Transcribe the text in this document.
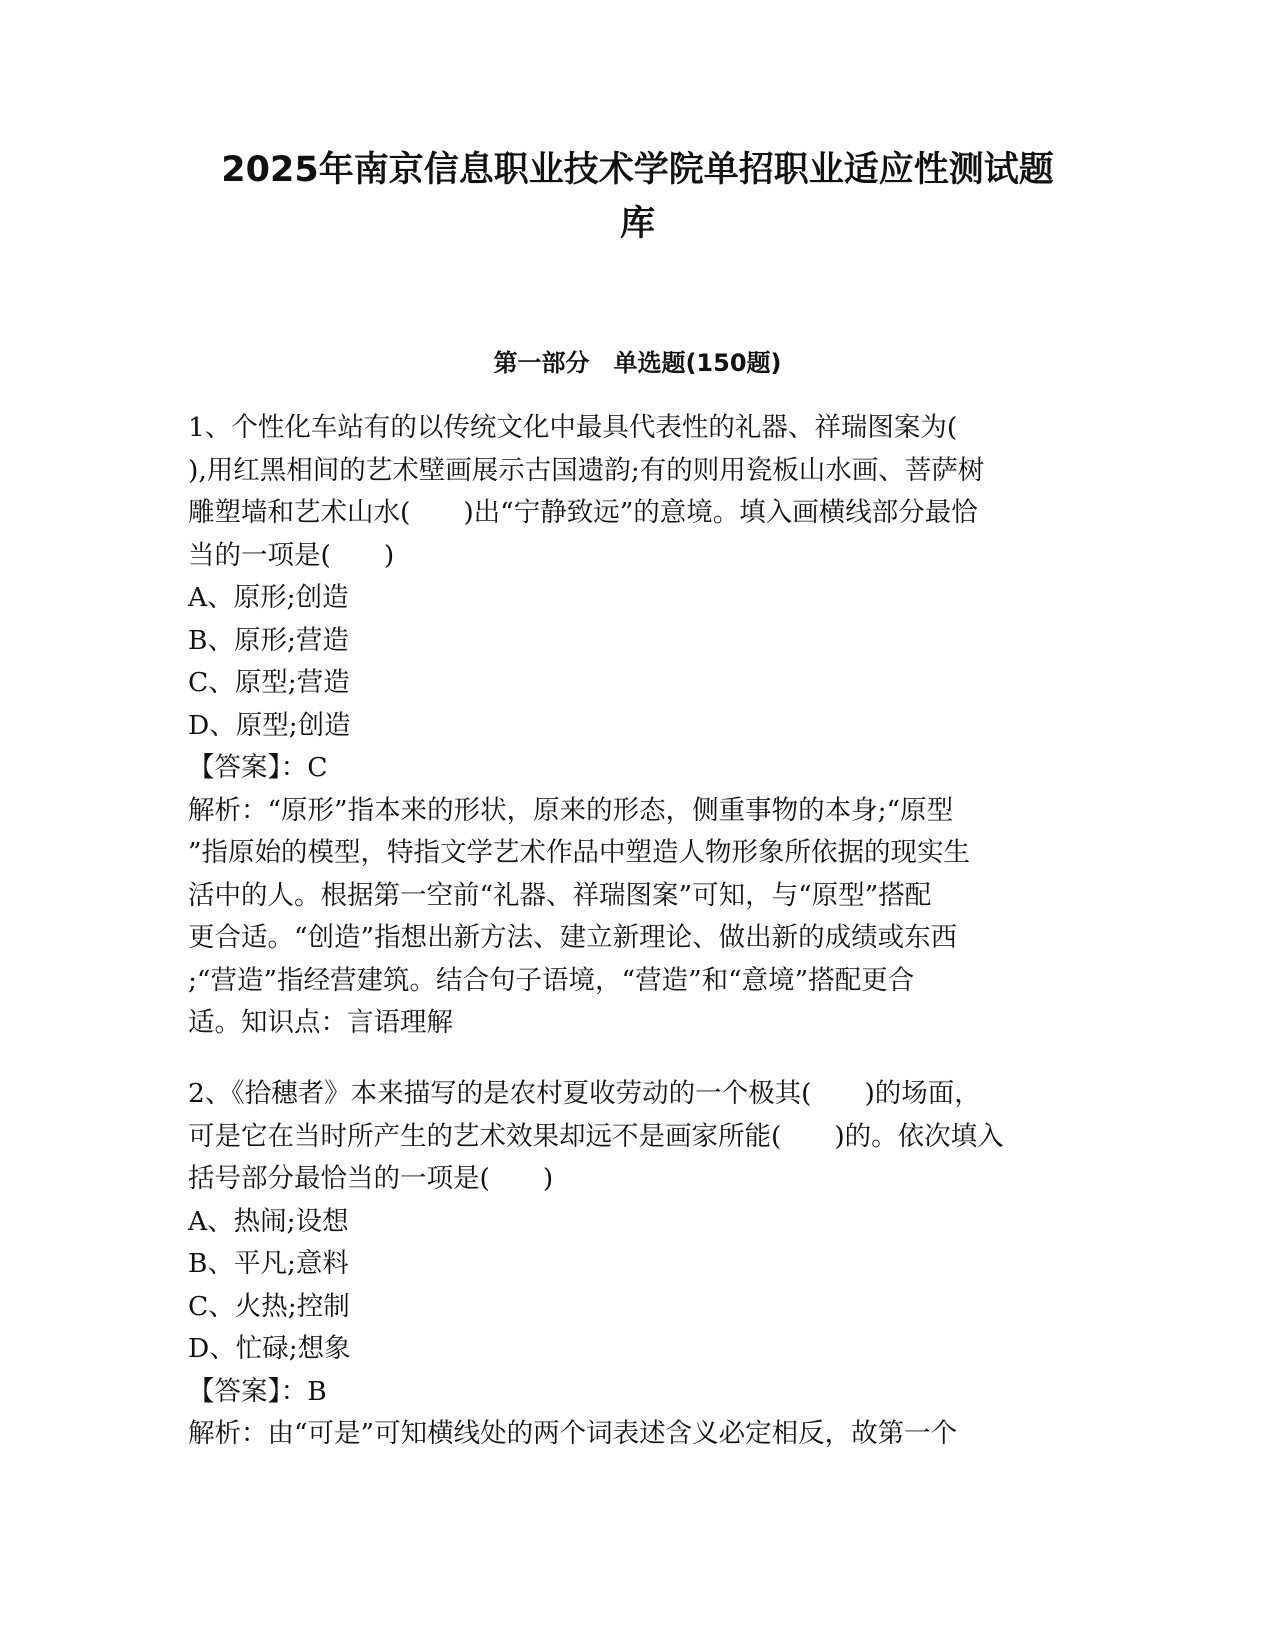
2025年南京信息职业技术学院单招职业适应性测试题
库
第一部分　单选题(150题)
1、个性化车站有的以传统文化中最具代表性的礼器、祥瑞图案为(
),用红黑相间的艺术壁画展示古国遗韵;有的则用瓷板山水画、菩萨树
雕塑墙和艺术山水(　　)出“宁静致远”的意境。填入画横线部分最恰
当的一项是(　　)
A、原形;创造
B、原形;营造
C、原型;营造
D、原型;创造
【答案】：C
解析：“原形”指本来的形状，原来的形态，侧重事物的本身;“原型
”指原始的模型，特指文学艺术作品中塑造人物形象所依据的现实生
活中的人。根据第一空前“礼器、祥瑞图案”可知，与“原型”搭配
更合适。“创造”指想出新方法、建立新理论、做出新的成绩或东西
;“营造”指经营建筑。结合句子语境，“营造”和“意境”搭配更合
适。知识点：言语理解
2、《拾穗者》本来描写的是农村夏收劳动的一个极其(　　)的场面，
可是它在当时所产生的艺术效果却远不是画家所能(　　)的。依次填入
括号部分最恰当的一项是(　　)
A、热闹;设想
B、平凡;意料
C、火热;控制
D、忙碌;想象
【答案】：B
解析：由“可是”可知横线处的两个词表述含义必定相反，故第一个
